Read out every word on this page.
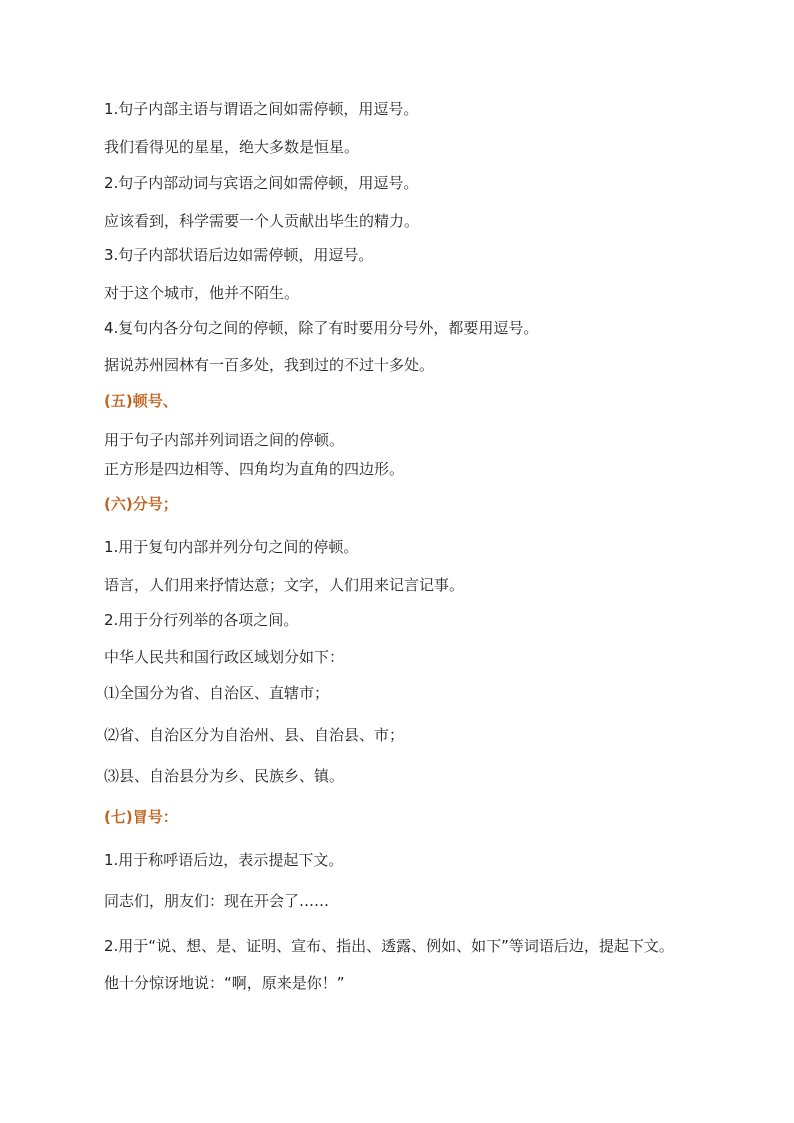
1.句子内部主语与谓语之间如需停顿，用逗号。
我们看得见的星星，绝大多数是恒星。
2.句子内部动词与宾语之间如需停顿，用逗号。
应该看到，科学需要一个人贡献出毕生的精力。
3.句子内部状语后边如需停顿，用逗号。
对于这个城市，他并不陌生。
4.复句内各分句之间的停顿，除了有时要用分号外，都要用逗号。
据说苏州园林有一百多处，我到过的不过十多处。
(五)顿号、
用于句子内部并列词语之间的停顿。
正方形是四边相等、四角均为直角的四边形。
(六)分号；
1.用于复句内部并列分句之间的停顿。
语言，人们用来抒情达意；文字，人们用来记言记事。
2.用于分行列举的各项之间。
中华人民共和国行政区域划分如下：
⑴全国分为省、自治区、直辖市；
⑵省、自治区分为自治州、县、自治县、市；
⑶县、自治县分为乡、民族乡、镇。
(七)冒号：
1.用于称呼语后边，表示提起下文。
同志们，朋友们：现在开会了……
2.用于“说、想、是、证明、宣布、指出、透露、例如、如下”等词语后边，提起下文。
他十分惊讶地说：“啊，原来是你！”
